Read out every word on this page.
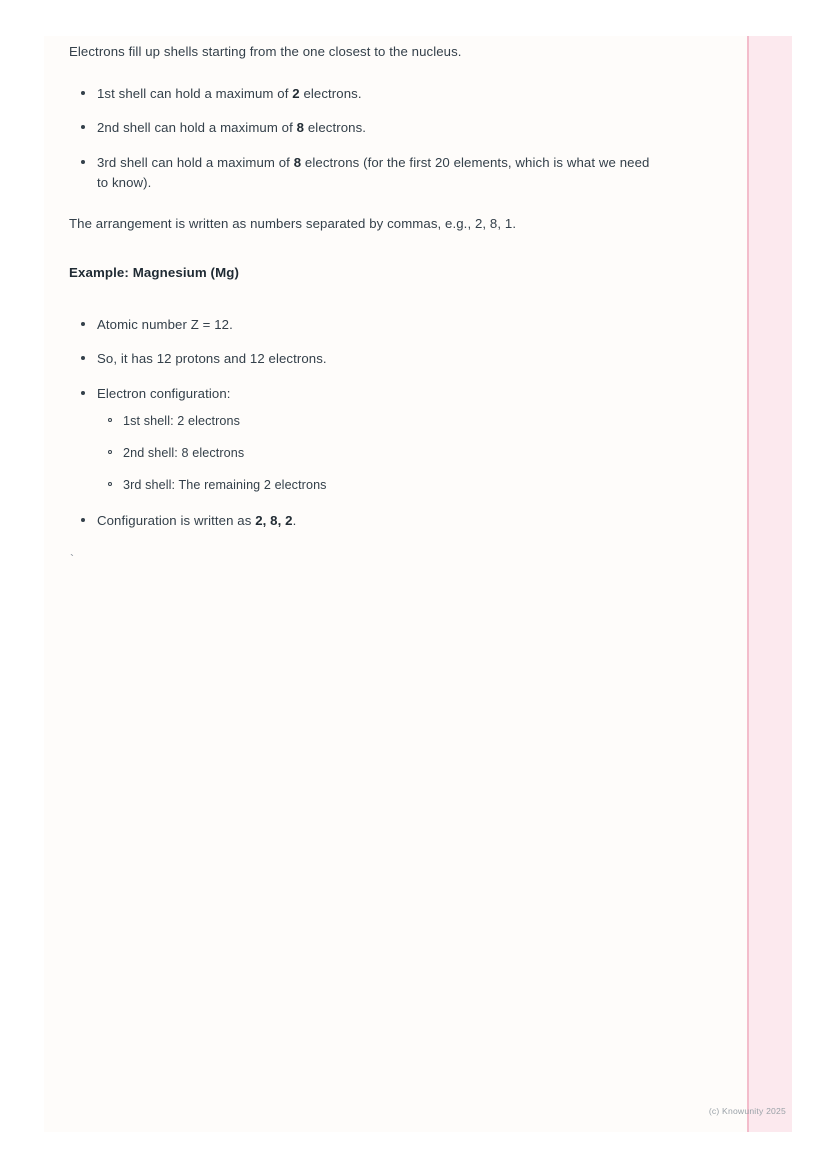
Electrons fill up shells starting from the one closest to the nucleus.

1st shell can hold a maximum of 2 electrons.
2nd shell can hold a maximum of 8 electrons.
3rd shell can hold a maximum of 8 electrons (for the first 20 elements, which is what we need to know).

The arrangement is written as numbers separated by commas, e.g., 2, 8, 1.

Example: Magnesium (Mg)

Atomic number Z = 12.
So, it has 12 protons and 12 electrons.
Electron configuration:
1st shell: 2 electrons
2nd shell: 8 electrons
3rd shell: The remaining 2 electrons
Configuration is written as 2, 8, 2.
`
(c) Knowunity 2025
